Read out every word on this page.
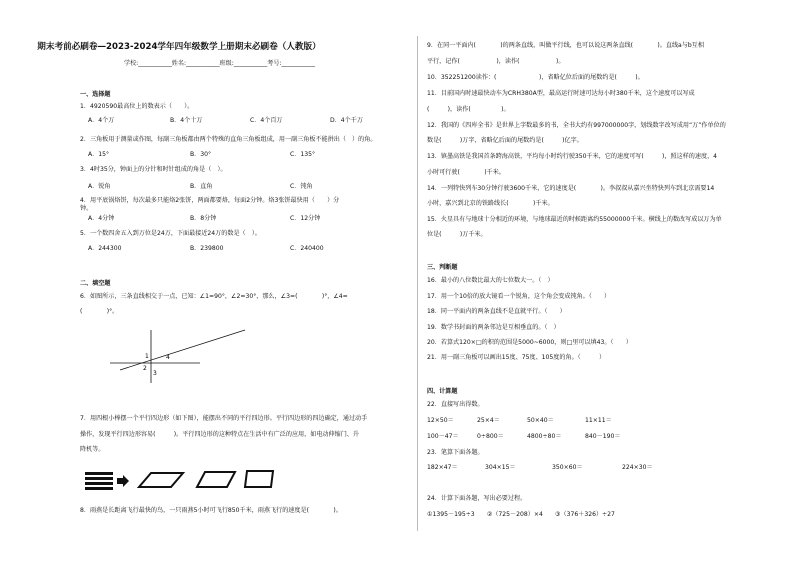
期末考前必刷卷—2023-2024学年四年级数学上册期末必刷卷（人教版）
学校:___________姓名:___________班级:___________考号:___________
一、选择题
1．4920590最高位上的数表示（　　）。
A．4个万	B．4个十万	C．4个百万	D．4个千万
2．三角板用于测量或作图，每副三角板都由两个特殊的直角三角板组成，用一副三角板不能拼出（　）的角。
A．15°	B．30°	C．135°
3．4时35分，钟面上的分针和时针组成的角是（　）。
A．锐角	B．直角	C．钝角
4．用平底锅烙饼，每次最多只能烙2张饼，两面都要烙，每面2分钟。烙3张饼最快用（　　）分
钟。
A．4分钟	B．8分钟	C．12分钟
5．一个数四舍五入到万位是24万，下面最接近24万的数是（　）。
A．244300	B．239800	C．240400
二、填空题
6．如图所示，三条直线相交于一点，已知：∠1=90°，∠2=30°，那么，∠3=(　　　　)°，∠4=
(　　　　)°。
1	4
2
3
7．用四根小棒摆一个平行四边形（如下图），能摆出不同的平行四边形。平行四边形的四边确定，通过动手
操作，发现平行四边形容易(　　　)。平行四边形的这种特点在生活中有广泛的应用，如电动伸缩门、升
降机等。
8．雨燕是长距离飞行最快的鸟，一只雨燕5小时可飞行850千米，雨燕飞行的速度是(　　　　)。
9．在同一平面内(　　　　)的两条直线，叫做平行线，也可以说这两条直线(　　　　)。直线a与b互相
平行，记作(　　　　　　)，读作(　　　　　　)。
10．352251200读作：(　　　　　　　)，省略亿位后面的尾数约是(　　　)。
11．目前国内时速最快动车为CRH380A型，最高运行时速可达每小时380千米，这个速度可以写成
(　　　)，读作(　　　　　)。
12．我国的《四库全书》是世界上字数最多的书，全书大约有997000000字，划线数字改写成用“万”作单位的
数是(　　　)万字，省略亿后面的尾数约是(　　　)亿字。
13．镇墨高铁是我国首条跨海高铁，平均每小时约行驶350千米，它的速度可写(　　　)，照这样的速度，4
小时可行驶(　　　　)千米。
14．一列特快列车30分钟行驶3600千米，它的速度是(　　　　)。李叔叔从嘉兴坐特快列车到北京需要14
小时，嘉兴到北京的铁路线长(　　　　)千米。
15．火星具有与地球十分相近的环境，与地球最近的时候距离约55000000千米。横线上的数改写成以万为单
位是(　　　)万千米。
三、判断题
16．最小的八位数比最大的七位数大一。（　）
17．用一个10倍的放大镜看一个锐角，这个角会变成钝角。（　　）
18．同一平面内的两条直线不是直就平行。（　　）
19．数学书封面的两条邻边是互相垂直的。（　）
20．若算式120×□的积的范围是5000~6000，则□里可以填43。（　　）
21．用一副三角板可以画出15度、75度、105度的角。（　　　）
四、计算题
22．直接写出得数。
12×50＝	25×4＝	50×40＝	11×11＝
100－47＝	0÷800＝	4800÷80＝	840－190＝
23．笔算下面各题。
182×47＝	304×15＝	350×60＝	224×30＝
24．计算下面各题，写出必要过程。
①1395－195÷3　　②（725－208）×4　　③（376＋326）÷27
